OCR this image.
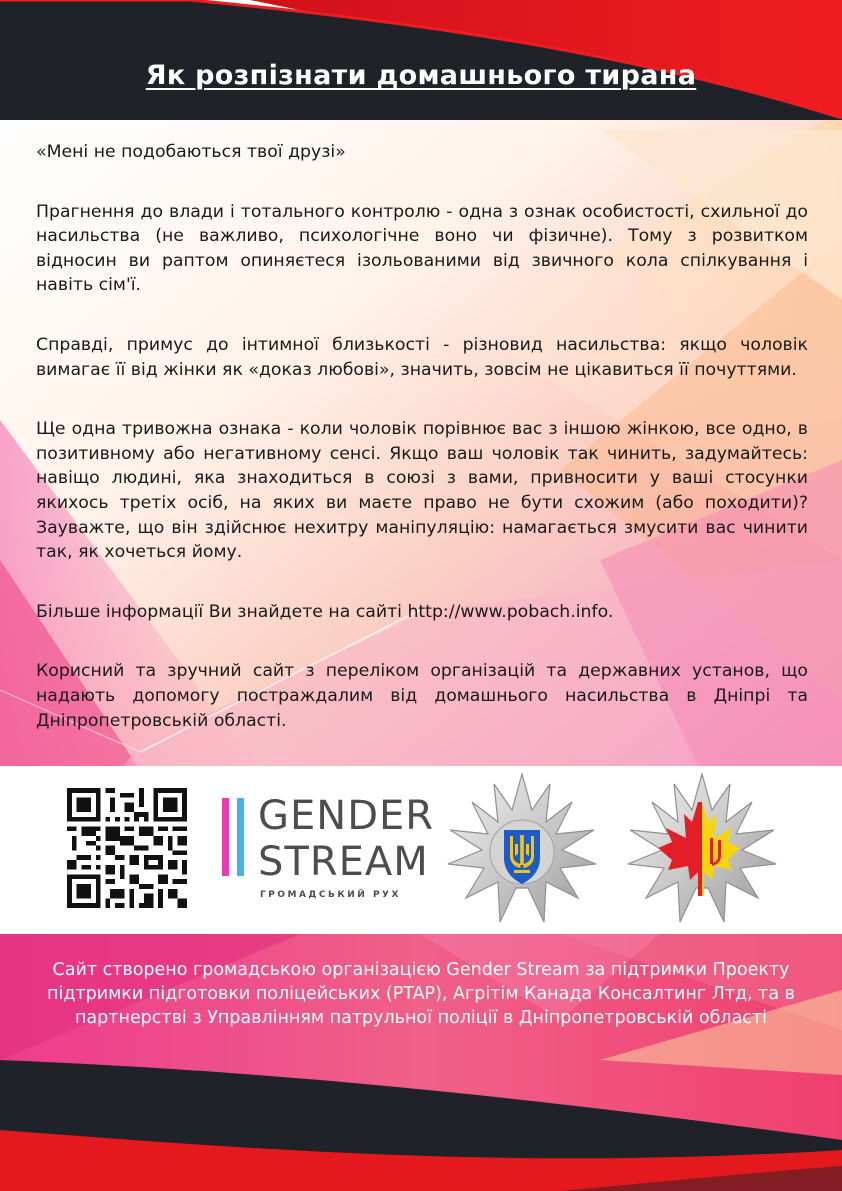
Як розпізнати домашнього тирана

«Мені не подобаються твої друзі»

Прагнення до влади і тотального контролю - одна з ознак особистості, схильної до насильства (не важливо, психологічне воно чи фізичне). Тому з розвитком відносин ви раптом опиняєтеся ізольованими від звичного кола спілкування і навіть сім'ї.

Справді, примус до інтимної близькості - різновид насильства: якщо чоловік вимагає її від жінки як «доказ любові», значить, зовсім не цікавиться її почуттями.

Ще одна тривожна ознака - коли чоловік порівнює вас з іншою жінкою, все одно, в позитивному або негативному сенсі. Якщо ваш чоловік так чинить, задумайтесь: навіщо людині, яка знаходиться в союзі з вами, привносити у ваші стосунки якихось третіх осіб, на яких ви маєте право не бути схожим (або походити)? Зауважте, що він здійснює нехитру маніпуляцію: намагається змусити вас чинити так, як хочеться йому.

Більше інформації Ви знайдете на сайті http://www.pobach.info.

Корисний та зручний сайт з переліком організацій та державних установ, що надають допомогу постраждалим від домашнього насильства в Дніпрі та Дніпропетровській області.

GENDER
STREAM
ГРОМАДСЬКИЙ РУХ

Сайт створено громадською організацією Gender Stream за підтримки Проекту підтримки підготовки поліцейських (PTAP), Агрітім Канада Консалтинг Лтд, та в партнерстві з Управлінням патрульної поліції в Дніпропетровській області
